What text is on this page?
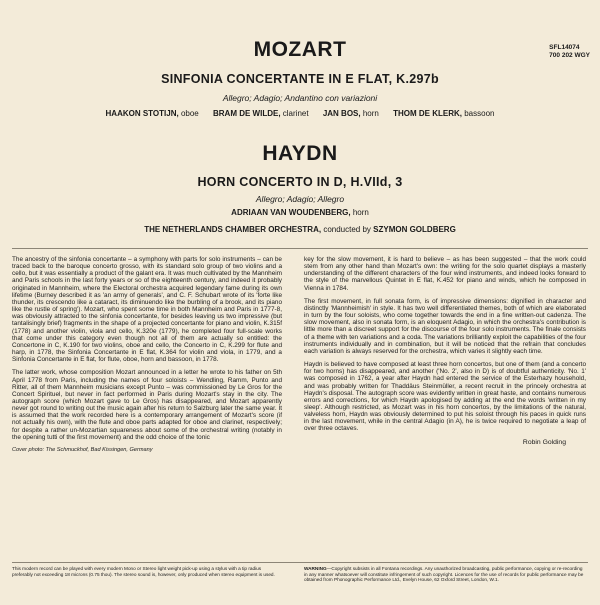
SFL14074
700 202 WGY
MOZART
SINFONIA CONCERTANTE IN E FLAT, K.297b
Allegro; Adagio; Andantino con variazioni
HAAKON STOTIJN, oboe BRAM DE WILDE, clarinet JAN BOS, horn THOM DE KLERK, bassoon
HAYDN
HORN CONCERTO IN D, H.VIId, 3
Allegro; Adagio; Allegro
ADRIAAN VAN WOUDENBERG, horn
THE NETHERLANDS CHAMBER ORCHESTRA, conducted by SZYMON GOLDBERG

The ancestry of the sinfonia concertante – a symphony with parts for solo instruments – can be traced back to the baroque concerto grosso, with its standard solo group of two violins and a cello, but it was essentially a product of the galant era. It was much cultivated by the Mannheim and Paris schools in the last forty years or so of the eighteenth century, and indeed it probably originated in Mannheim, where the Electoral orchestra acquired legendary fame during its own lifetime (Burney described it as 'an army of generals', and C. F. Schubart wrote of its 'forte like thunder, its crescendo like a cataract, its diminuendo like the burbling of a brook, and its piano like the rustle of spring'). Mozart, who spent some time in both Mannheim and Paris in 1777-8, was obviously attracted to the sinfonia concertante, for besides leaving us two impressive (but tantalisingly brief) fragments in the shape of a projected concertante for piano and violin, K.315f (1778) and another violin, viola and cello, K.320e (1779), he completed four full-scale works that come under this category even though not all of them are actually so entitled: the Concertone in C, K.190 for two violins, oboe and cello, the Concerto in C, K.299 for flute and harp, in 1778, the Sinfonia Concertante in E flat, K.364 for violin and viola, in 1779, and a Sinfonia Concertante in E flat, for flute, oboe, horn and bassoon, in 1778.

The latter work, whose composition Mozart announced in a letter he wrote to his father on 5th April 1778 from Paris, including the names of four soloists – Wendling, Ramm, Punto and Ritter, all of them Mannheim musicians except Punto – was commissioned by Le Gros for the Concert Spirituel, but never in fact performed in Paris during Mozart's stay in the city. The autograph score (which Mozart gave to Le Gros) has disappeared, and Mozart apparently never got round to writing out the music again after his return to Salzburg later the same year. It is assumed that the work recorded here is a contemporary arrangement of Mozart's score (if not actually his own), with the flute and oboe parts adapted for oboe and clarinet, respectively; for despite a rather un-Mozartian squareness about some of the orchestral writing (notably in the opening tutti of the first movement) and the odd choice of the tonic

Cover photo: The Schmuckhof, Bad Kissingen, Germany

key for the slow movement, it is hard to believe – as has been suggested – that the work could stem from any other hand than Mozart's own: the writing for the solo quartet displays a masterly understanding of the different characters of the four wind instruments, and indeed looks forward to the style of the marvellous Quintet in E flat, K.452 for piano and winds, which he composed in Vienna in 1784.

The first movement, in full sonata form, is of impressive dimensions: dignified in character and distinctly 'Mannheimish' in style. It has two well differentiated themes, both of which are elaborated in turn by the four soloists, who come together towards the end in a fine written-out cadenza. The slow movement, also in sonata form, is an eloquent Adagio, in which the orchestra's contribution is little more than a discreet support for the discourse of the four solo instruments. The finale consists of a theme with ten variations and a coda. The variations brilliantly exploit the capabilities of the four instruments individually and in combination, but it will be noticed that the refrain that concludes each variation is always reserved for the orchestra, which varies it slightly each time.

Haydn is believed to have composed at least three horn concertos, but one of them (and a concerto for two horns) has disappeared, and another ('No. 2', also in D) is of doubtful authenticity. 'No. 1' was composed in 1762, a year after Haydn had entered the service of the Esterhazy household, and was probably written for Thaddäus Steinmüller, a recent recruit in the princely orchestra at Haydn's disposal. The autograph score was evidently written in great haste, and contains numerous errors and corrections, for which Haydn apologised by adding at the end the words 'written in my sleep'. Although restricted, as Mozart was in his horn concertos, by the limitations of the natural, valveless horn, Haydn was obviously determined to put his soloist through his paces in quick runs in the last movement, while in the central Adagio (in A), he is twice required to negotiate a leap of over three octaves.

Robin Golding
This modern record can be played with every modern Mono or Stereo light weight pick-up using a stylus with a tip radius preferably not exceeding 18 microns (0.75 thou). The stereo sound is, however, only produced when stereo equipment is used.
WARNING—Copyright subsists in all Fontana recordings. Any unauthorized broadcasting, public performance, copying or re-recording in any manner whatsoever will constitute infringement of such copyright. Licences for the use of records for public performance may be obtained from Phonographic Performance Ltd., Evelyn House, 62 Oxford Street, London, W.1.
